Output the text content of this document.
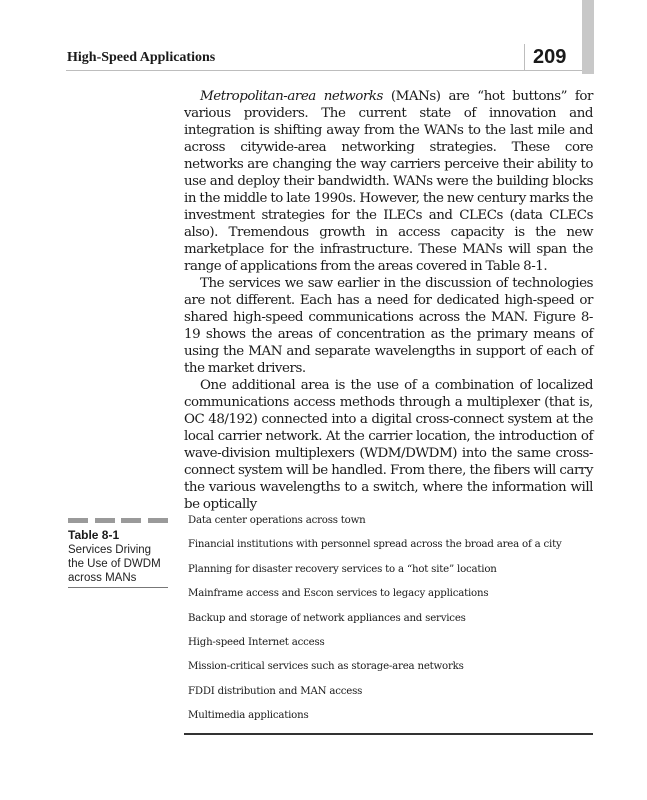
High-Speed Applications	209

Metropolitan-area networks (MANs) are “hot buttons” for various providers. The current state of innovation and integration is shifting away from the WANs to the last mile and across citywide-area networking strategies. These core networks are changing the way carriers perceive their ability to use and deploy their bandwidth. WANs were the building blocks in the middle to late 1990s. However, the new century marks the investment strategies for the ILECs and CLECs (data CLECs also). Tremendous growth in access capacity is the new marketplace for the infrastructure. These MANs will span the range of applications from the areas covered in Table 8-1.

The services we saw earlier in the discussion of technologies are not different. Each has a need for dedicated high-speed or shared high-speed communications across the MAN. Figure 8-19 shows the areas of concentration as the primary means of using the MAN and separate wavelengths in support of each of the market drivers.

One additional area is the use of a combination of localized communications access methods through a multiplexer (that is, OC 48/192) connected into a digital cross-connect system at the local carrier network. At the carrier location, the introduction of wave-division multiplexers (WDM/DWDM) into the same cross-connect system will be handled. From there, the fibers will carry the various wavelengths to a switch, where the information will be optically

Table 8-1
Services Driving the Use of DWDM across MANs
Data center operations across town
Financial institutions with personnel spread across the broad area of a city
Planning for disaster recovery services to a “hot site” location
Mainframe access and Escon services to legacy applications
Backup and storage of network appliances and services
High-speed Internet access
Mission-critical services such as storage-area networks
FDDI distribution and MAN access
Multimedia applications
